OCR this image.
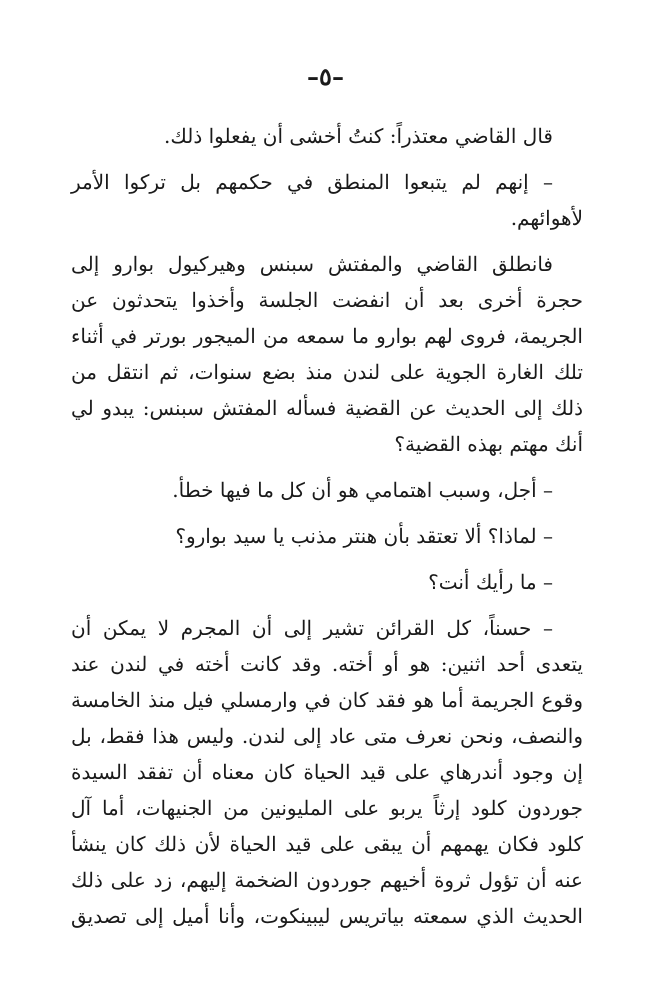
–٥–

قال القاضي معتذراً: كنتُ أخشى أن يفعلوا ذلك.

– إنهم لم يتبعوا المنطق في حكمهم بل تركوا الأمر لأهوائهم.

فانطلق القاضي والمفتش سبنس وهيركيول بوارو إلى حجرة أخرى بعد أن انفضت الجلسة وأخذوا يتحدثون عن الجريمة، فروى لهم بوارو ما سمعه من الميجور بورتر في أثناء تلك الغارة الجوية على لندن منذ بضع سنوات، ثم انتقل من ذلك إلى الحديث عن القضية فسأله المفتش سبنس: يبدو لي أنك مهتم بهذه القضية؟

– أجل، وسبب اهتمامي هو أن كل ما فيها خطأ.

– لماذا؟ ألا تعتقد بأن هنتر مذنب يا سيد بوارو؟

– ما رأيك أنت؟

– حسناً، كل القرائن تشير إلى أن المجرم لا يمكن أن يتعدى أحد اثنين: هو أو أخته. وقد كانت أخته في لندن عند وقوع الجريمة أما هو فقد كان في وارمسلي فيل منذ الخامسة والنصف، ونحن نعرف متى عاد إلى لندن. وليس هذا فقط، بل إن وجود أندرهاي على قيد الحياة كان معناه أن تفقد السيدة جوردون كلود إرثاً يربو على المليونين من الجنيهات، أما آل كلود فكان يهمهم أن يبقى على قيد الحياة لأن ذلك كان ينشأ عنه أن تؤول ثروة أخيهم جوردون الضخمة إليهم، زد على ذلك الحديث الذي سمعته بياتريس ليبينكوت، وأنا أميل إلى تصديق
